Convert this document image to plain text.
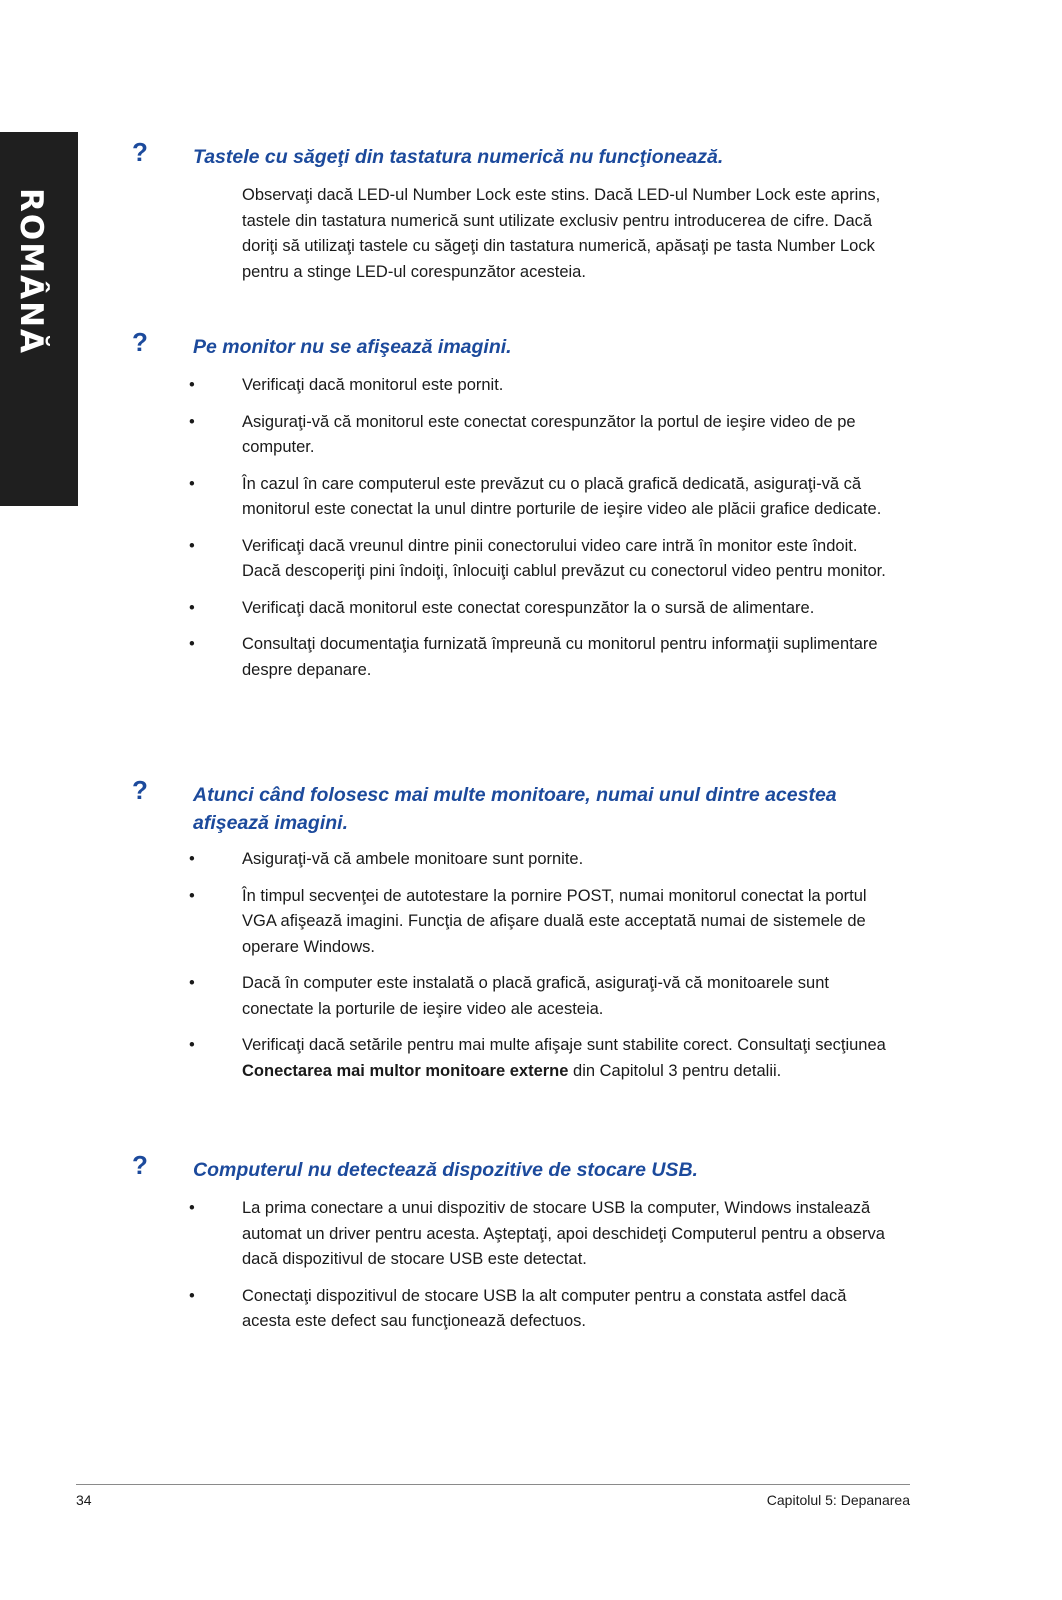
ROMÂNĂ
? Tastele cu săgeţi din tastatura numerică nu funcţionează.

Observaţi dacă LED-ul Number Lock este stins. Dacă LED-ul Number Lock este aprins, tastele din tastatura numerică sunt utilizate exclusiv pentru introducerea de cifre. Dacă doriţi să utilizaţi tastele cu săgeţi din tastatura numerică, apăsaţi pe tasta Number Lock pentru a stinge LED-ul corespunzător acesteia.

? Pe monitor nu se afişează imagini.
•	Verificaţi dacă monitorul este pornit.

•	Asiguraţi-vă că monitorul este conectat corespunzător la portul de ieşire video de pe computer.

•	În cazul în care computerul este prevăzut cu o placă grafică dedicată, asiguraţi-vă că monitorul este conectat la unul dintre porturile de ieşire video ale plăcii grafice dedicate.

•	Verificaţi dacă vreunul dintre pinii conectorului video care intră în monitor este îndoit. Dacă descoperiţi pini îndoiţi, înlocuiţi cablul prevăzut cu conectorul video pentru monitor.

•	Verificaţi dacă monitorul este conectat corespunzător la o sursă de alimentare.

•	Consultaţi documentaţia furnizată împreună cu monitorul pentru informaţii suplimentare despre depanare.

? Atunci când folosesc mai multe monitoare, numai unul dintre acestea afişează imagini.
•	Asiguraţi-vă că ambele monitoare sunt pornite.

•	În timpul secvenţei de autotestare la pornire POST, numai monitorul conectat la portul VGA afişează imagini. Funcţia de afişare duală este acceptată numai de sistemele de operare Windows.

•	Dacă în computer este instalată o placă grafică, asiguraţi-vă că monitoarele sunt conectate la porturile de ieşire video ale acesteia.

•	Verificaţi dacă setările pentru mai multe afişaje sunt stabilite corect. Consultaţi secţiunea Conectarea mai multor monitoare externe din Capitolul 3 pentru detalii.

? Computerul nu detectează dispozitive de stocare USB.
•	La prima conectare a unui dispozitiv de stocare USB la computer, Windows instalează automat un driver pentru acesta. Aşteptaţi, apoi deschideţi Computerul pentru a observa dacă dispozitivul de stocare USB este detectat.

•	Conectaţi dispozitivul de stocare USB la alt computer pentru a constata astfel dacă acesta este defect sau funcţionează defectuos.

34	Capitolul 5: Depanarea
